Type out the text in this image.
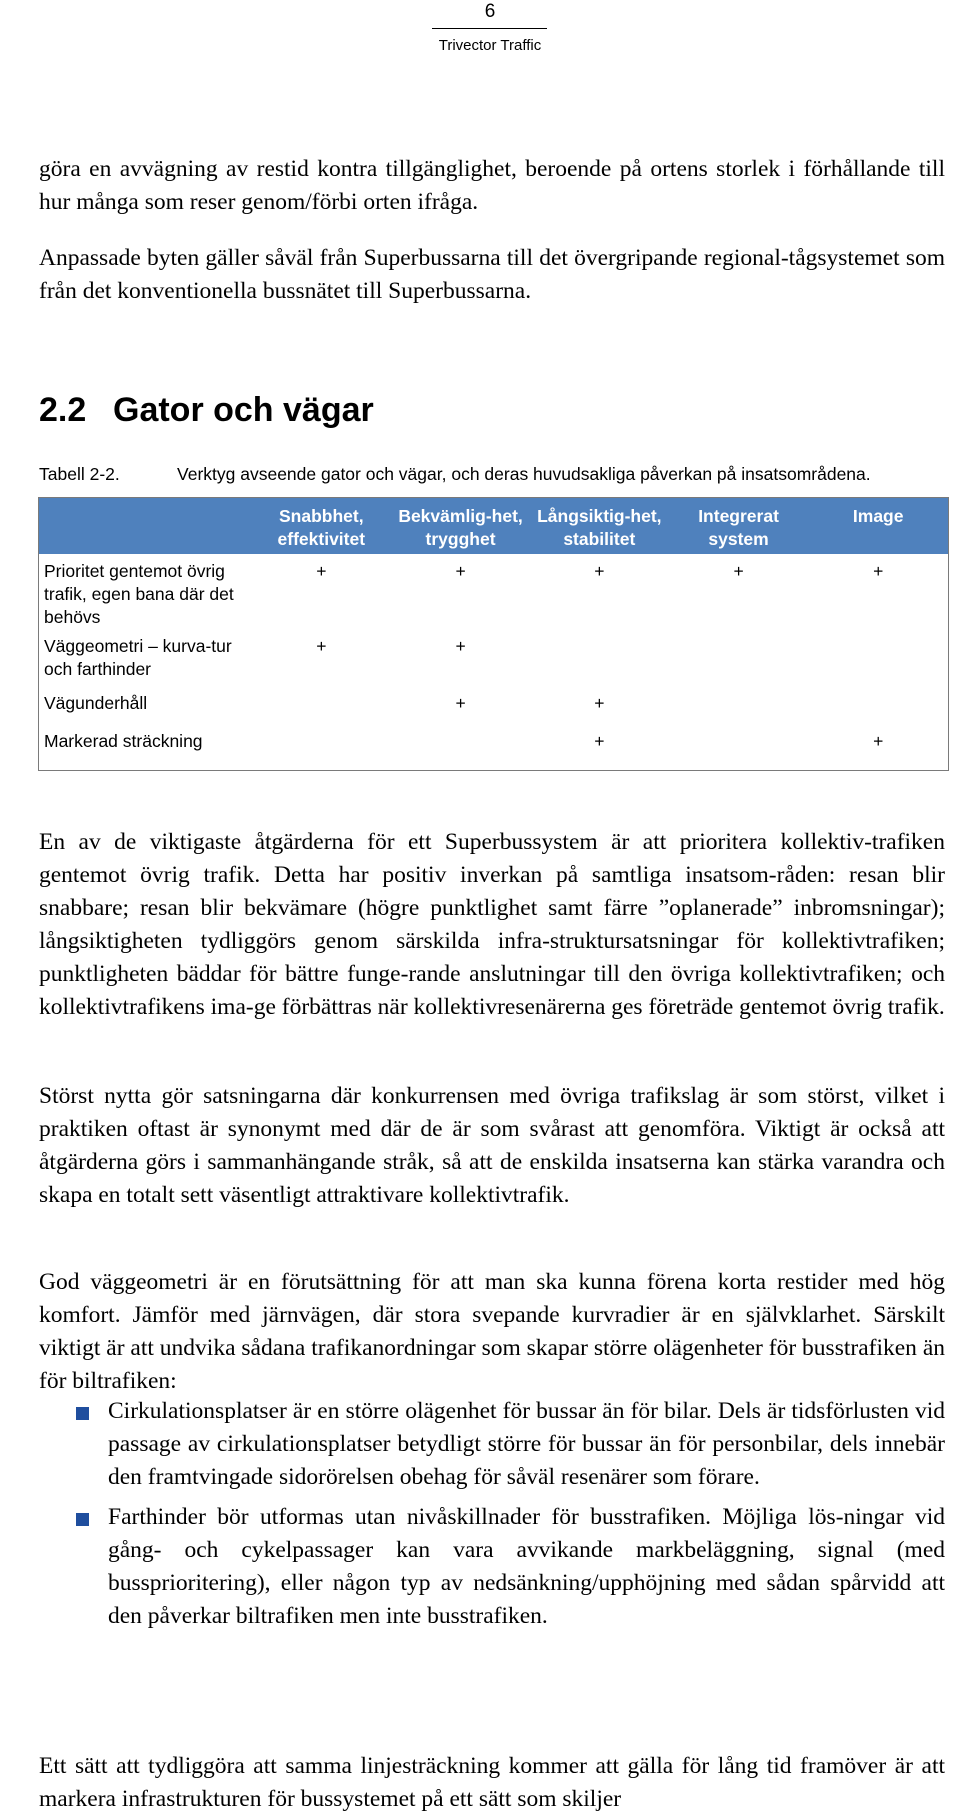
6
Trivector Traffic

göra en avvägning av restid kontra tillgänglighet, beroende på ortens storlek i förhållande till hur många som reser genom/förbi orten ifråga.

Anpassade byten gäller såväl från Superbussarna till det övergripande regional-tågsystemet som från det konventionella bussnätet till Superbussarna.

2.2 Gator och vägar
Tabell 2-2.	Verktyg avseende gator och vägar, och deras huvudsakliga påverkan på insatsområdena.
	Snabbhet, effektivitet	Bekvämlig-het, trygghet	Långsiktig-het, stabilitet	Integrerat system	Image
Prioritet gentemot övrig trafik, egen bana där det behövs	+	+	+	+	+
Väggeometri – kurva-tur och farthinder	+	+			
Vägunderhåll		+	+		
Markerad sträckning			+		+

En av de viktigaste åtgärderna för ett Superbussystem är att prioritera kollektiv-trafiken gentemot övrig trafik. Detta har positiv inverkan på samtliga insatsom-råden: resan blir snabbare; resan blir bekvämare (högre punktlighet samt färre ”oplanerade” inbromsningar); långsiktigheten tydliggörs genom särskilda infra-struktursatsningar för kollektivtrafiken; punktligheten bäddar för bättre funge-rande anslutningar till den övriga kollektivtrafiken; och kollektivtrafikens ima-ge förbättras när kollektivresenärerna ges företräde gentemot övrig trafik.

Störst nytta gör satsningarna där konkurrensen med övriga trafikslag är som störst, vilket i praktiken oftast är synonymt med där de är som svårast att genomföra. Viktigt är också att åtgärderna görs i sammanhängande stråk, så att de enskilda insatserna kan stärka varandra och skapa en totalt sett väsentligt attraktivare kollektivtrafik.

God väggeometri är en förutsättning för att man ska kunna förena korta restider med hög komfort. Jämför med järnvägen, där stora svepande kurvradier är en självklarhet. Särskilt viktigt är att undvika sådana trafikanordningar som skapar större olägenheter för busstrafiken än för biltrafiken:

Cirkulationsplatser är en större olägenhet för bussar än för bilar. Dels är tidsförlusten vid passage av cirkulationsplatser betydligt större för bussar än för personbilar, dels innebär den framtvingade sidorörelsen obehag för såväl resenärer som förare.
Farthinder bör utformas utan nivåskillnader för busstrafiken. Möjliga lös-ningar vid gång- och cykelpassager kan vara avvikande markbeläggning, signal (med bussprioritering), eller någon typ av nedsänkning/upphöjning med sådan spårvidd att den påverkar biltrafiken men inte busstrafiken.

Ett sätt att tydliggöra att samma linjesträckning kommer att gälla för lång tid framöver är att markera infrastrukturen för bussystemet på ett sätt som skiljer
